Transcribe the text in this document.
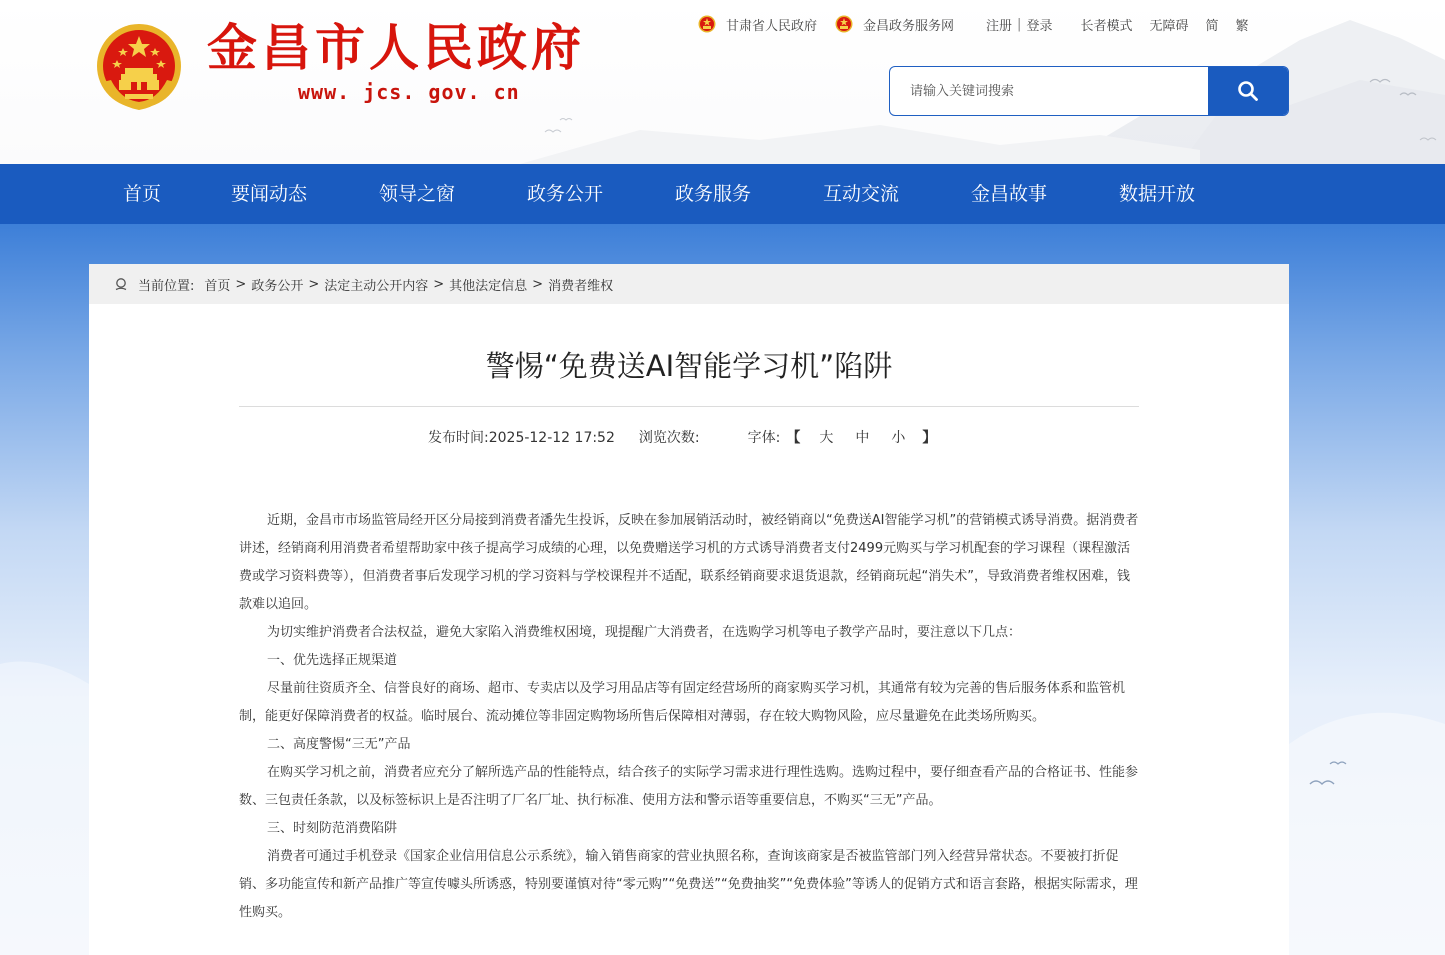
金昌市人民政府
www. jcs. gov. cn
甘肃省人民政府	金昌政务服务网 注册 | 登录 长者模式 无障碍 简 繁
请输入关键词搜索
首页	要闻动态	领导之窗	政务公开	政务服务	互动交流	金昌故事	数据开放
当前位置: 首页 > 政务公开 > 法定主动公开内容 > 其他法定信息 > 消费者维权
警惕“免费送AI智能学习机”陷阱
发布时间: 2025-12-12 17:52 浏览次数:	字体: 【 大 中 小 】

近期，金昌市市场监管局经开区分局接到消费者潘先生投诉，反映在参加展销活动时，被经销商以“免费送AI智能学习机”的营销模式诱导消费。据消费者讲述，经销商利用消费者希望帮助家中孩子提高学习成绩的心理，以免费赠送学习机的方式诱导消费者支付2499元购买与学习机配套的学习课程（课程激活费或学习资料费等），但消费者事后发现学习机的学习资料与学校课程并不适配，联系经销商要求退货退款，经销商玩起“消失术”，导致消费者维权困难，钱款难以追回。

为切实维护消费者合法权益，避免大家陷入消费维权困境，现提醒广大消费者，在选购学习机等电子教学产品时，要注意以下几点：

一、优先选择正规渠道

尽量前往资质齐全、信誉良好的商场、超市、专卖店以及学习用品店等有固定经营场所的商家购买学习机，其通常有较为完善的售后服务体系和监管机制，能更好保障消费者的权益。临时展台、流动摊位等非固定购物场所售后保障相对薄弱，存在较大购物风险，应尽量避免在此类场所购买。

二、高度警惕“三无”产品

在购买学习机之前，消费者应充分了解所选产品的性能特点，结合孩子的实际学习需求进行理性选购。选购过程中，要仔细查看产品的合格证书、性能参数、三包责任条款，以及标签标识上是否注明了厂名厂址、执行标准、使用方法和警示语等重要信息，不购买“三无”产品。

三、时刻防范消费陷阱

消费者可通过手机登录《国家企业信用信息公示系统》，输入销售商家的营业执照名称，查询该商家是否被监管部门列入经营异常状态。不要被打折促销、多功能宣传和新产品推广等宣传噱头所诱惑，特别要谨慎对待“零元购”“免费送”“免费抽奖”“免费体验”等诱人的促销方式和语言套路，根据实际需求，理性购买。
